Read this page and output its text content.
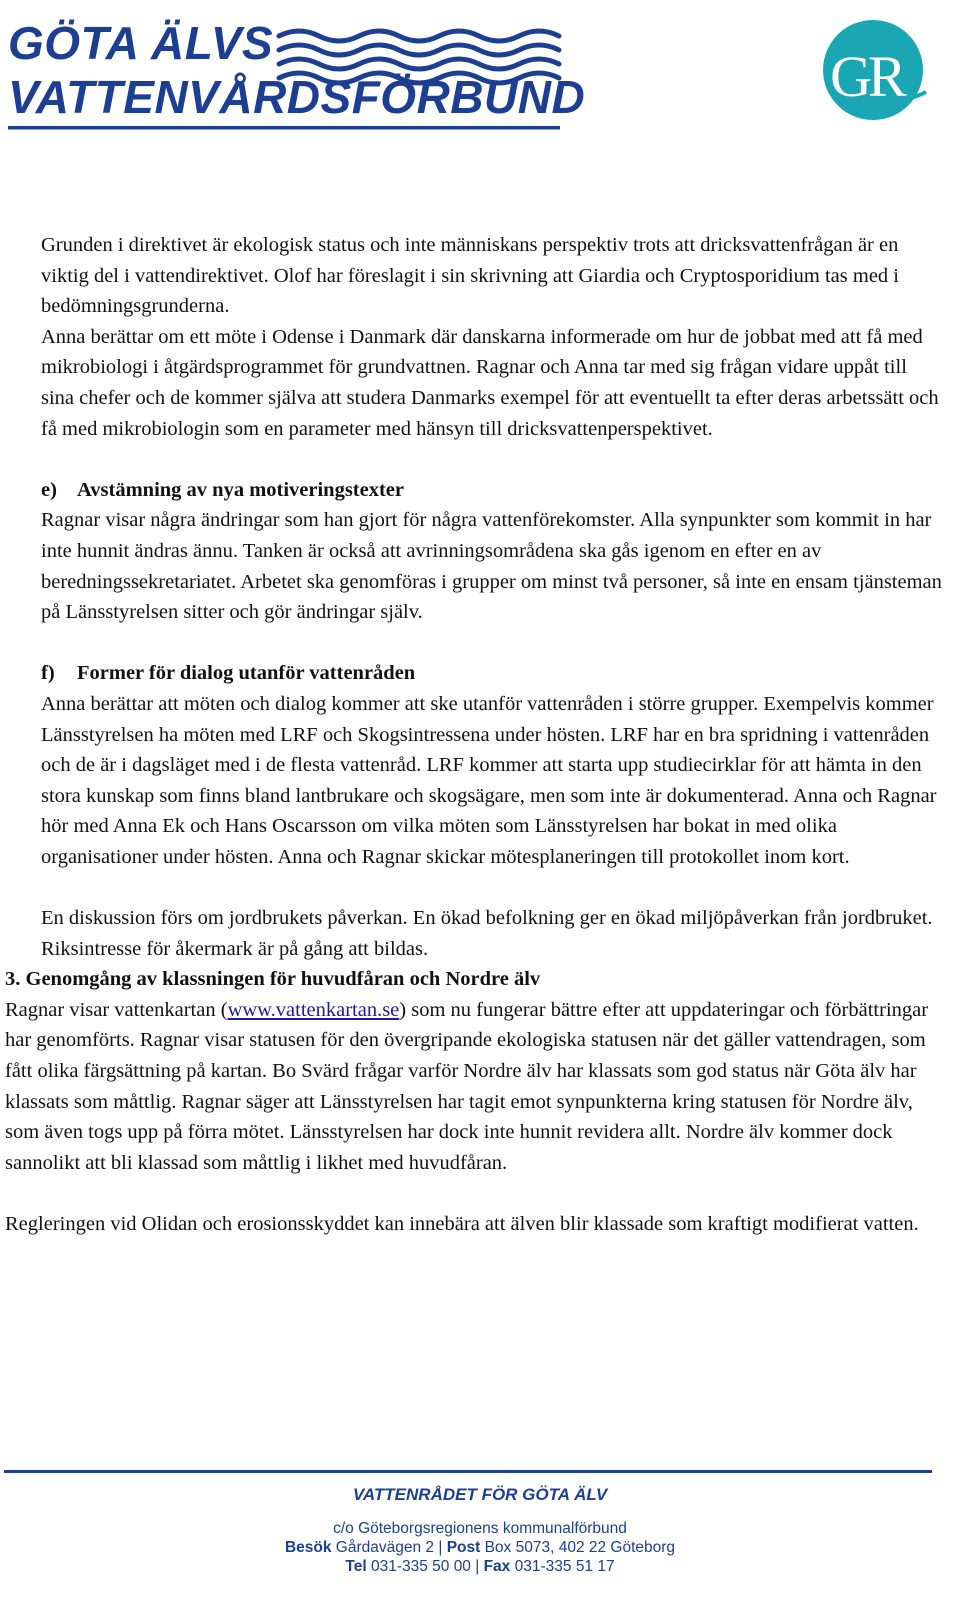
GÖTA ÄLVS
VATTENVÅRDSFÖRBUND	GR

Grunden i direktivet är ekologisk status och inte människans perspektiv trots att dricksvattenfrågan är en viktig del i vattendirektivet. Olof har föreslagit i sin skrivning att Giardia och Cryptosporidium tas med i bedömningsgrunderna.

Anna berättar om ett möte i Odense i Danmark där danskarna informerade om hur de jobbat med att få med mikrobiologi i åtgärdsprogrammet för grundvattnen. Ragnar och Anna tar med sig frågan vidare uppåt till sina chefer och de kommer själva att studera Danmarks exempel för att eventuellt ta efter deras arbetssätt och få med mikrobiologin som en parameter med hänsyn till dricksvattenperspektivet.

e) Avstämning av nya motiveringstexter

Ragnar visar några ändringar som han gjort för några vattenförekomster. Alla synpunkter som kommit in har inte hunnit ändras ännu. Tanken är också att avrinningsområdena ska gås igenom en efter en av beredningssekretariatet. Arbetet ska genomföras i grupper om minst två personer, så inte en ensam tjänsteman på Länsstyrelsen sitter och gör ändringar själv.

f) Former för dialog utanför vattenråden

Anna berättar att möten och dialog kommer att ske utanför vattenråden i större grupper. Exempelvis kommer Länsstyrelsen ha möten med LRF och Skogsintressena under hösten. LRF har en bra spridning i vattenråden och de är i dagsläget med i de flesta vattenråd. LRF kommer att starta upp studiecirklar för att hämta in den stora kunskap som finns bland lantbrukare och skogsägare, men som inte är dokumenterad. Anna och Ragnar hör med Anna Ek och Hans Oscarsson om vilka möten som Länsstyrelsen har bokat in med olika organisationer under hösten. Anna och Ragnar skickar mötesplaneringen till protokollet inom kort.

En diskussion förs om jordbrukets påverkan. En ökad befolkning ger en ökad miljöpåverkan från jordbruket. Riksintresse för åkermark är på gång att bildas.

3. Genomgång av klassningen för huvudfåran och Nordre älv

Ragnar visar vattenkartan (www.vattenkartan.se) som nu fungerar bättre efter att uppdateringar och förbättringar har genomförts. Ragnar visar statusen för den övergripande ekologiska statusen när det gäller vattendragen, som fått olika färgsättning på kartan. Bo Svärd frågar varför Nordre älv har klassats som god status när Göta älv har klassats som måttlig. Ragnar säger att Länsstyrelsen har tagit emot synpunkterna kring statusen för Nordre älv, som även togs upp på förra mötet. Länsstyrelsen har dock inte hunnit revidera allt. Nordre älv kommer dock sannolikt att bli klassad som måttlig i likhet med huvudfåran.

Regleringen vid Olidan och erosionsskyddet kan innebära att älven blir klassade som kraftigt modifierat vatten.

VATTENRÅDET FÖR GÖTA ÄLV
c/o Göteborgsregionens kommunalförbund
Besök Gårdavägen 2 | Post Box 5073, 402 22 Göteborg
Tel 031-335 50 00 | Fax 031-335 51 17
